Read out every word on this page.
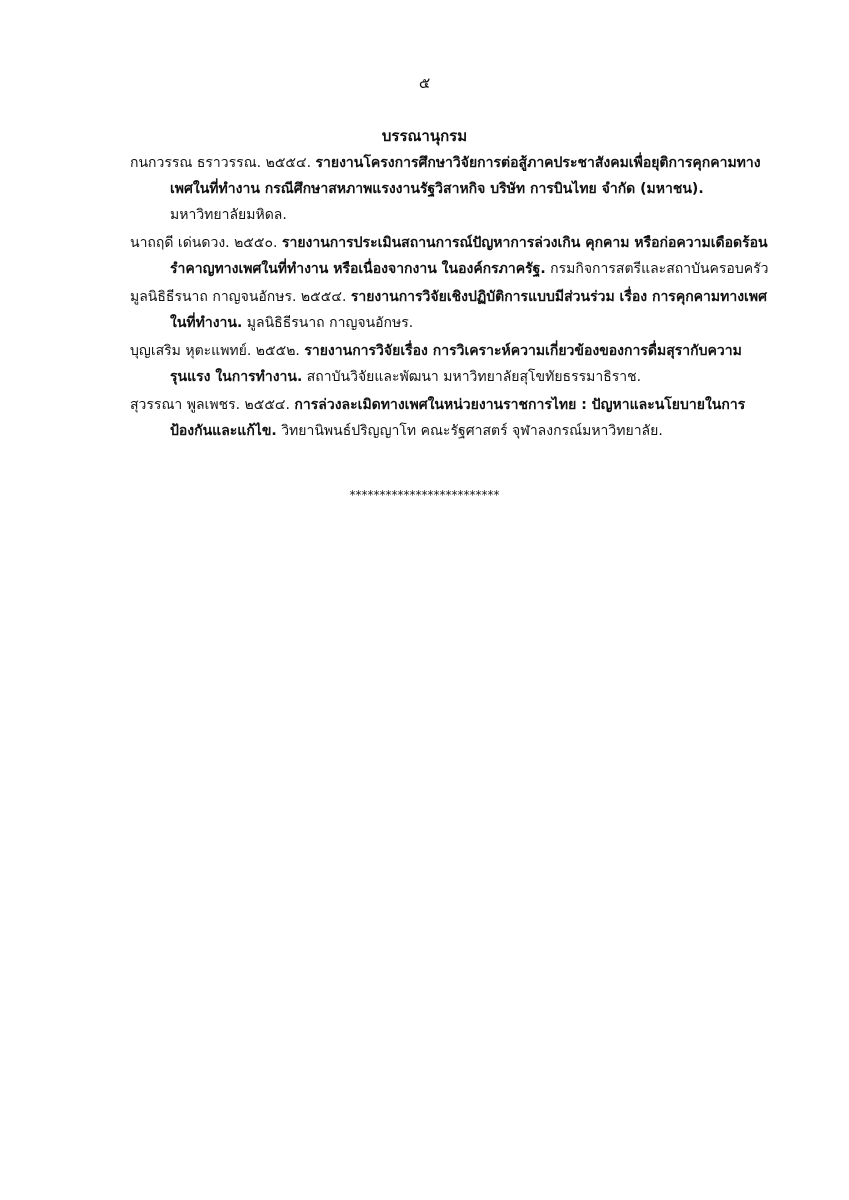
๕
บรรณานุกรม
กนกวรรณ ธราวรรณ. ๒๕๕๔. รายงานโครงการศึกษาวิจัยการต่อสู้ภาคประชาสังคมเพื่อยุติการคุกคามทางเพศในที่ทำงาน กรณีศึกษาสหภาพแรงงานรัฐวิสาหกิจ บริษัท การบินไทย จำกัด (มหาชน). มหาวิทยาลัยมหิดล.
นาถฤดี เด่นดวง. ๒๕๕๐. รายงานการประเมินสถานการณ์ปัญหาการล่วงเกิน คุกคาม หรือก่อความเดือดร้อนรำคาญทางเพศในที่ทำงาน หรือเนื่องจากงาน ในองค์กรภาครัฐ. กรมกิจการสตรีและสถาบันครอบครัว
มูลนิธิธีรนาถ กาญจนอักษร. ๒๕๕๔. รายงานการวิจัยเชิงปฏิบัติการแบบมีส่วนร่วม เรื่อง การคุกคามทางเพศในที่ทำงาน. มูลนิธิธีรนาถ กาญจนอักษร.
บุญเสริม หุตะแพทย์. ๒๕๕๒. รายงานการวิจัยเรื่อง การวิเคราะห์ความเกี่ยวข้องของการดื่มสุรากับความรุนแรง ในการทำงาน. สถาบันวิจัยและพัฒนา มหาวิทยาลัยสุโขทัยธรรมาธิราช.
สุวรรณา พูลเพชร. ๒๕๕๔. การล่วงละเมิดทางเพศในหน่วยงานราชการไทย : ปัญหาและนโยบายในการป้องกันและแก้ไข. วิทยานิพนธ์ปริญญาโท คณะรัฐศาสตร์ จุฬาลงกรณ์มหาวิทยาลัย.
*************************
